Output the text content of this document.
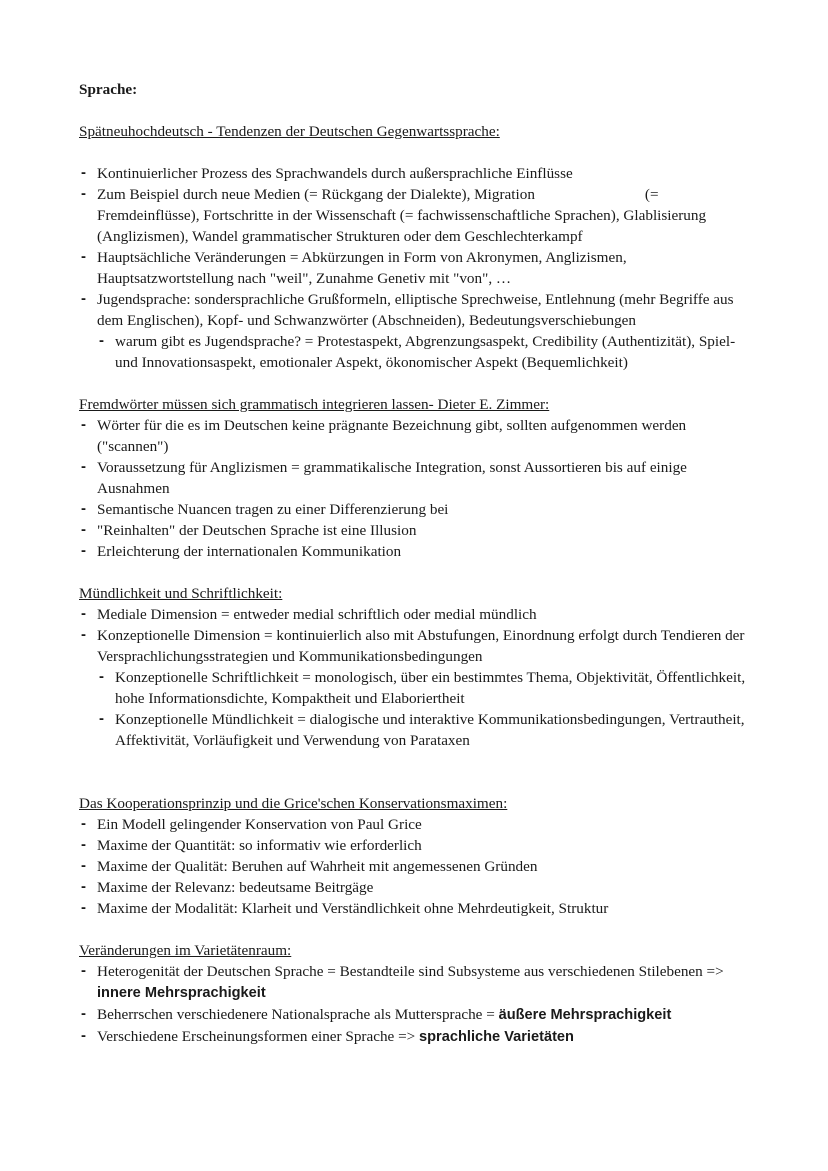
Sprache:

Spätneuhochdeutsch - Tendenzen der Deutschen Gegenwartssprache:

- Kontinuierlicher Prozess des Sprachwandels durch außersprachliche Einflüsse
- Zum Beispiel durch neue Medien (= Rückgang der Dialekte), Migration	(=
Fremdeinflüsse), Fortschritte in der Wissenschaft (= fachwissenschaftliche Sprachen), Glablisierung (Anglizismen), Wandel grammatischer Strukturen oder dem Geschlechterkampf
- Hauptsächliche Veränderungen = Abkürzungen in Form von Akronymen, Anglizismen, Hauptsatzwortstellung nach "weil", Zunahme Genetiv mit "von", …
- Jugendsprache: sondersprachliche Grußformeln, elliptische Sprechweise, Entlehnung (mehr Begriffe aus dem Englischen), Kopf- und Schwanzwörter (Abschneiden), Bedeutungsverschiebungen
- warum gibt es Jugendsprache? = Protestaspekt, Abgrenzungsaspekt, Credibility (Authentizität), Spiel- und Innovationsaspekt, emotionaler Aspekt, ökonomischer Aspekt (Bequemlichkeit)

Fremdwörter müssen sich grammatisch integrieren lassen- Dieter E. Zimmer:

- Wörter für die es im Deutschen keine prägnante Bezeichnung gibt, sollten aufgenommen werden ("scannen")
- Voraussetzung für Anglizismen = grammatikalische Integration, sonst Aussortieren bis auf einige Ausnahmen
- Semantische Nuancen tragen zu einer Differenzierung bei
- "Reinhalten" der Deutschen Sprache ist eine Illusion
- Erleichterung der internationalen Kommunikation

Mündlichkeit und Schriftlichkeit:

- Mediale Dimension = entweder medial schriftlich oder medial mündlich
- Konzeptionelle Dimension = kontinuierlich also mit Abstufungen, Einordnung erfolgt durch Tendieren der Versprachlichungsstrategien und Kommunikationsbedingungen
- Konzeptionelle Schriftlichkeit = monologisch, über ein bestimmtes Thema, Objektivität, Öffentlichkeit, hohe Informationsdichte, Kompaktheit und Elaboriertheit
- Konzeptionelle Mündlichkeit = dialogische und interaktive Kommunikationsbedingungen, Vertrautheit, Affektivität, Vorläufigkeit und Verwendung von Parataxen

Das Kooperationsprinzip und die Grice'schen Konservationsmaximen:

- Ein Modell gelingender Konservation von Paul Grice
- Maxime der Quantität: so informativ wie erforderlich
- Maxime der Qualität: Beruhen auf Wahrheit mit angemessenen Gründen
- Maxime der Relevanz: bedeutsame Beitrgäge
- Maxime der Modalität: Klarheit und Verständlichkeit ohne Mehrdeutigkeit, Struktur

Veränderungen im Varietätenraum:

- Heterogenität der Deutschen Sprache = Bestandteile sind Subsysteme aus verschiedenen Stilebenen => innere Mehrsprachigkeit
- Beherrschen verschiedenere Nationalsprache als Muttersprache = äußere Mehrsprachigkeit
- Verschiedene Erscheinungsformen einer Sprache => sprachliche Varietäten
